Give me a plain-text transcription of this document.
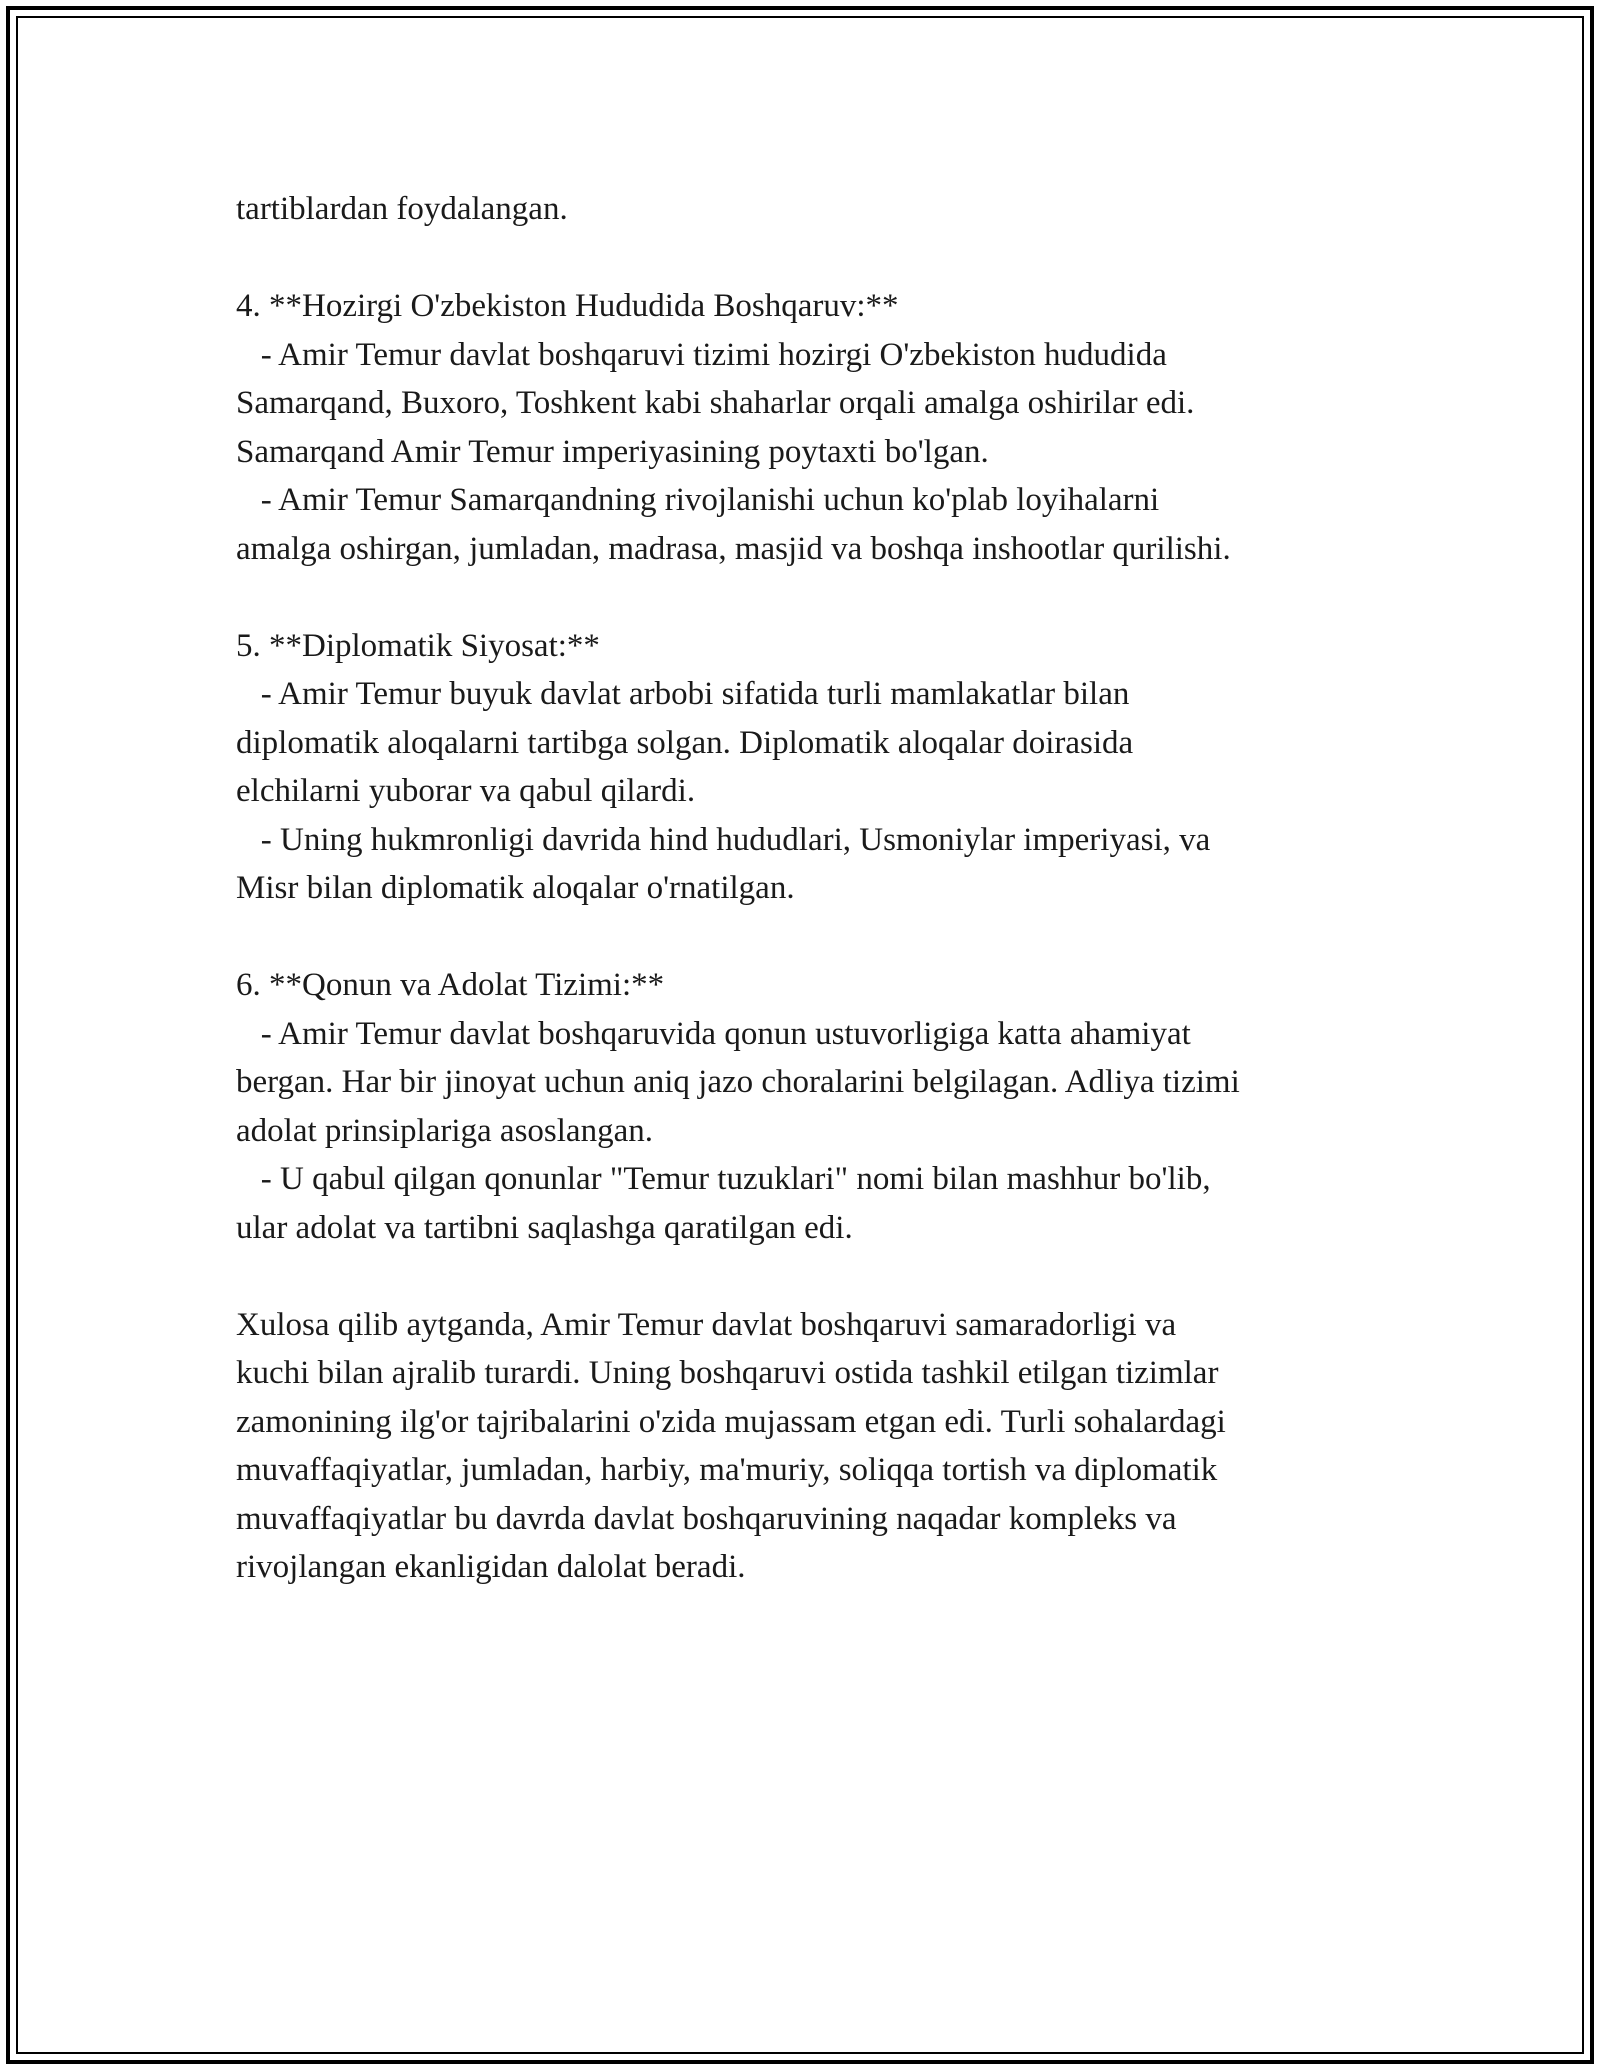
tartiblardan foydalangan.
4. **Hozirgi O'zbekiston Hududida Boshqaruv:**
- Amir Temur davlat boshqaruvi tizimi hozirgi O'zbekiston hududida
Samarqand, Buxoro, Toshkent kabi shaharlar orqali amalga oshirilar edi.
Samarqand Amir Temur imperiyasining poytaxti bo'lgan.
- Amir Temur Samarqandning rivojlanishi uchun ko'plab loyihalarni
amalga oshirgan, jumladan, madrasa, masjid va boshqa inshootlar qurilishi.
5. **Diplomatik Siyosat:**
- Amir Temur buyuk davlat arbobi sifatida turli mamlakatlar bilan
diplomatik aloqalarni tartibga solgan. Diplomatik aloqalar doirasida
elchilarni yuborar va qabul qilardi.
- Uning hukmronligi davrida hind hududlari, Usmoniylar imperiyasi, va
Misr bilan diplomatik aloqalar o'rnatilgan.
6. **Qonun va Adolat Tizimi:**
- Amir Temur davlat boshqaruvida qonun ustuvorligiga katta ahamiyat
bergan. Har bir jinoyat uchun aniq jazo choralarini belgilagan. Adliya tizimi
adolat prinsiplariga asoslangan.
- U qabul qilgan qonunlar "Temur tuzuklari" nomi bilan mashhur bo'lib,
ular adolat va tartibni saqlashga qaratilgan edi.
Xulosa qilib aytganda, Amir Temur davlat boshqaruvi samaradorligi va
kuchi bilan ajralib turardi. Uning boshqaruvi ostida tashkil etilgan tizimlar
zamonining ilg'or tajribalarini o'zida mujassam etgan edi. Turli sohalardagi
muvaffaqiyatlar, jumladan, harbiy, ma'muriy, soliqqa tortish va diplomatik
muvaffaqiyatlar bu davrda davlat boshqaruvining naqadar kompleks va
rivojlangan ekanligidan dalolat beradi.
